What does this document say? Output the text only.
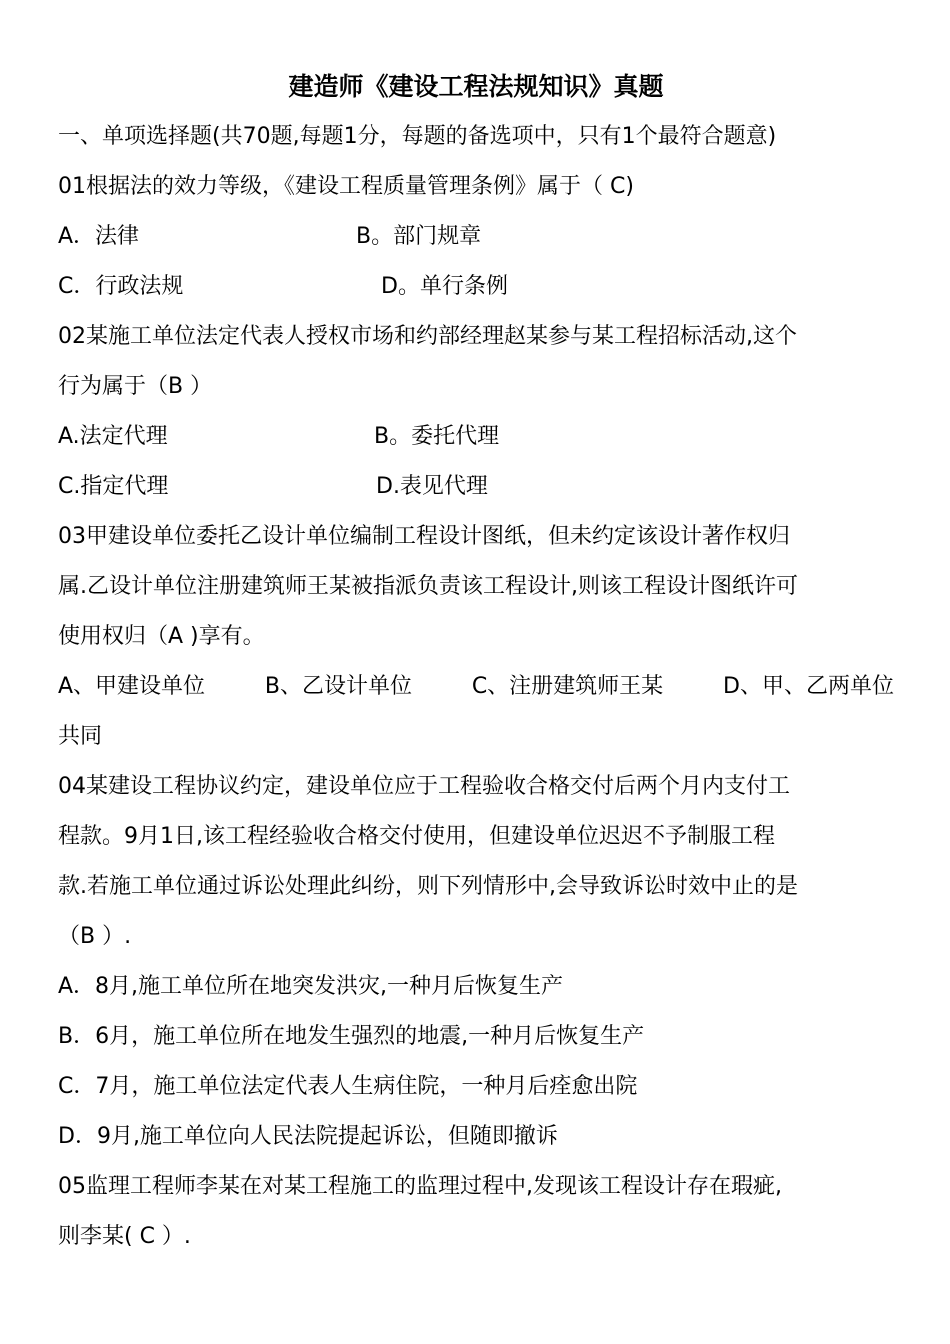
建造师《建设工程法规知识》真题
一、单项选择题(共70题,每题1分，每题的备选项中，只有1个最符合题意)
01根据法的效力等级，《建设工程质量管理条例》属于（ C)
A．法律	B。部门规章
C．行政法规	D。单行条例
02某施工单位法定代表人授权市场和约部经理赵某参与某工程招标活动,这个
行为属于（B ）
A.法定代理	B。委托代理
C.指定代理	D.表见代理
03甲建设单位委托乙设计单位编制工程设计图纸，但未约定该设计著作权归
属.乙设计单位注册建筑师王某被指派负责该工程设计,则该工程设计图纸许可
使用权归（A )享有。
A、甲建设单位	B、乙设计单位	C、注册建筑师王某	D、甲、乙两单位
共同
04某建设工程协议约定，建设单位应于工程验收合格交付后两个月内支付工
程款。9月1日,该工程经验收合格交付使用，但建设单位迟迟不予制服工程
款.若施工单位通过诉讼处理此纠纷，则下列情形中,会导致诉讼时效中止的是
（B ）.
A．8月,施工单位所在地突发洪灾,一种月后恢复生产
B．6月，施工单位所在地发生强烈的地震,一种月后恢复生产
C．7月，施工单位法定代表人生病住院，一种月后痊愈出院
D．9月,施工单位向人民法院提起诉讼，但随即撤诉
05监理工程师李某在对某工程施工的监理过程中,发现该工程设计存在瑕疵,
则李某( C ）.
